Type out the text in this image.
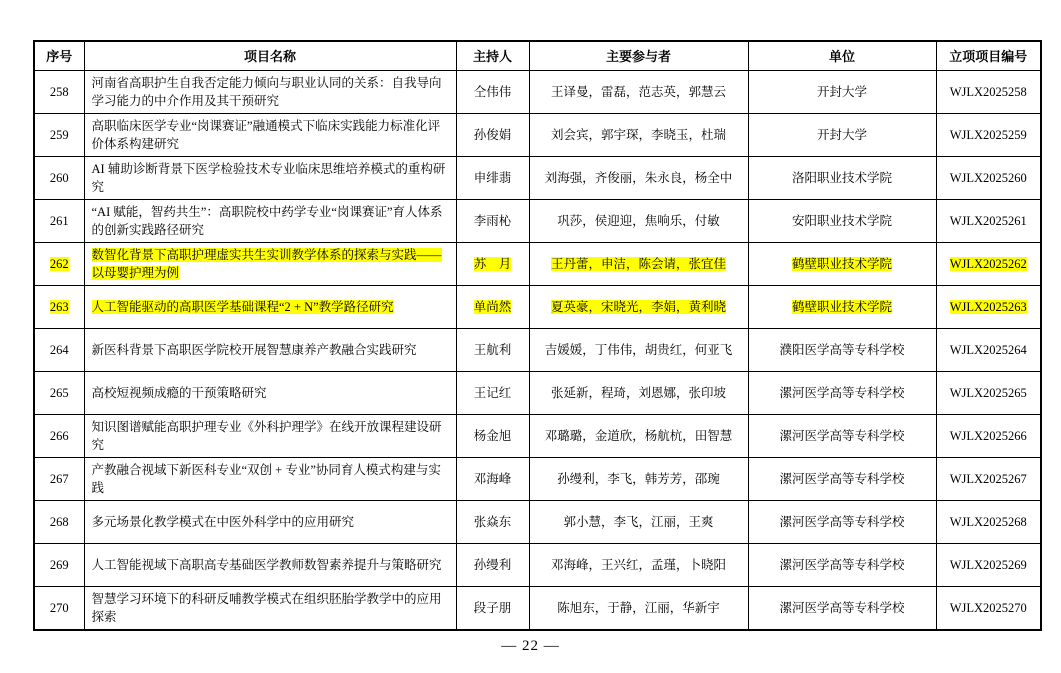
序号	项目名称	主持人	主要参与者	单位	立项项目编号
258	河南省高职护生自我否定能力倾向与职业认同的关系：自我导向学习能力的中介作用及其干预研究	仝伟伟	王译曼，雷磊，范志英，郭慧云	开封大学	WJLX2025258
259	高职临床医学专业“岗课赛证”融通模式下临床实践能力标准化评价体系构建研究	孙俊娟	刘会宾，郭宇琛，李晓玉，杜瑞	开封大学	WJLX2025259
260	AI 辅助诊断背景下医学检验技术专业临床思维培养模式的重构研究	申绯翡	刘海强，齐俊丽，朱永良，杨全中	洛阳职业技术学院	WJLX2025260
261	“AI 赋能，智药共生”：高职院校中药学专业“岗课赛证”育人体系的创新实践路径研究	李雨杺	巩莎，侯迎迎，焦响乐，付敏	安阳职业技术学院	WJLX2025261
262	数智化背景下高职护理虚实共生实训教学体系的探索与实践——以母婴护理为例	苏　月	王丹蕾，申洁，陈会请，张宜佳	鹤壁职业技术学院	WJLX2025262
263	人工智能驱动的高职医学基础课程“2 + N”教学路径研究	单尚然	夏英豪，宋晓光，李娟，黄利晓	鹤壁职业技术学院	WJLX2025263
264	新医科背景下高职医学院校开展智慧康养产教融合实践研究	王航利	吉媛媛，丁伟伟，胡贵红，何亚飞	濮阳医学高等专科学校	WJLX2025264
265	高校短视频成瘾的干预策略研究	王记红	张延新，程琦，刘恩娜，张印坡	漯河医学高等专科学校	WJLX2025265
266	知识图谱赋能高职护理专业《外科护理学》在线开放课程建设研究	杨金旭	邓璐璐，金道欣，杨航杭，田智慧	漯河医学高等专科学校	WJLX2025266
267	产教融合视域下新医科专业“双创 + 专业”协同育人模式构建与实践	邓海峰	孙缦利，李飞，韩芳芳，邵琬	漯河医学高等专科学校	WJLX2025267
268	多元场景化教学模式在中医外科学中的应用研究	张焱东	郭小慧，李飞，江丽，王爽	漯河医学高等专科学校	WJLX2025268
269	人工智能视域下高职高专基础医学教师数智素养提升与策略研究	孙缦利	邓海峰，王兴红，孟瑾，卜晓阳	漯河医学高等专科学校	WJLX2025269
270	智慧学习环境下的科研反哺教学模式在组织胚胎学教学中的应用探索	段子朋	陈旭东，于静，江丽，华新宇	漯河医学高等专科学校	WJLX2025270
— 22 —
